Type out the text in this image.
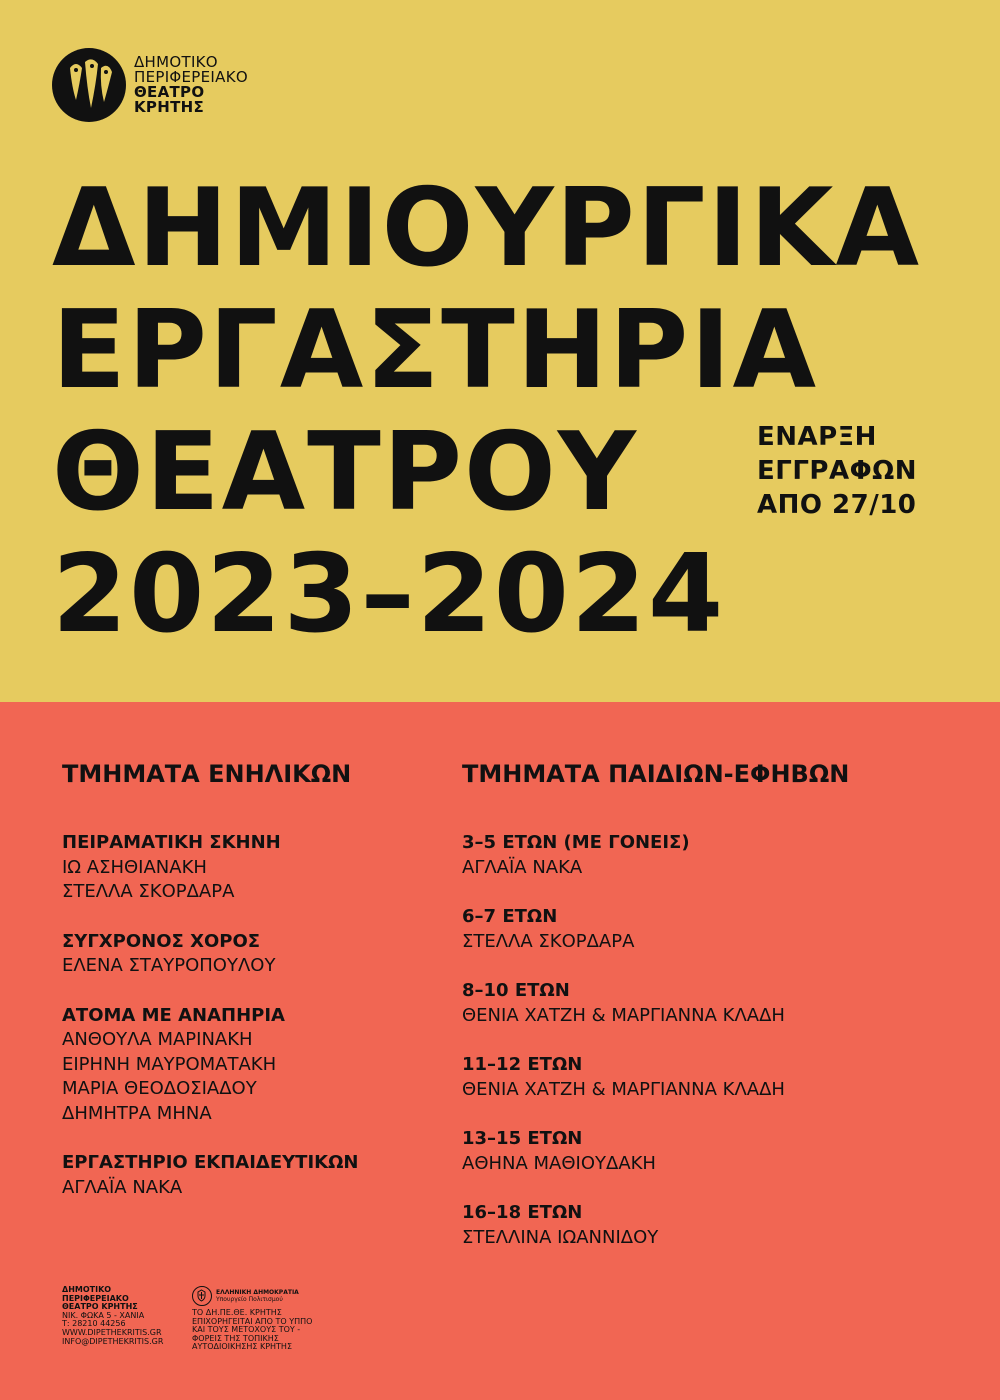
ΔΗΜΟΤΙΚΟ
ΠΕΡΙΦΕΡΕΙΑΚΟ
ΘΕΑΤΡΟ
ΚΡΗΤΗΣ
ΔΗΜΙΟΥΡΓΙΚΑ
ΕΡΓΑΣΤΗΡΙΑ
ΘΕΑΤΡΟΥ
2023–2024
ΕΝΑΡΞΗ
ΕΓΓΡΑΦΩΝ
ΑΠΟ 27/10
ΤΜΗΜΑΤΑ ΕΝΗΛΙΚΩΝ
ΠΕΙΡΑΜΑΤΙΚΗ ΣΚΗΝΗ
ΙΩ ΑΣΗΘΙΑΝΑΚΗ
ΣΤΕΛΛΑ ΣΚΟΡΔΑΡΑ
ΣΥΓΧΡΟΝΟΣ ΧΟΡΟΣ
ΕΛΕΝΑ ΣΤΑΥΡΟΠΟΥΛΟΥ
ΑΤΟΜΑ ΜΕ ΑΝΑΠΗΡΙΑ
ΑΝΘΟΥΛΑ ΜΑΡΙΝΑΚΗ
ΕΙΡΗΝΗ ΜΑΥΡΟΜΑΤΑΚΗ
ΜΑΡΙΑ ΘΕΟΔΟΣΙΑΔΟΥ
ΔΗΜΗΤΡΑ ΜΗΝΑ
ΕΡΓΑΣΤΗΡΙΟ ΕΚΠΑΙΔΕΥΤΙΚΩΝ
ΑΓΛΑΪΑ ΝΑΚΑ
ΤΜΗΜΑΤΑ ΠΑΙΔΙΩΝ-ΕΦΗΒΩΝ
3–5 ΕΤΩΝ (ΜΕ ΓΟΝΕΙΣ)
ΑΓΛΑΪΑ ΝΑΚΑ
6–7 ΕΤΩΝ
ΣΤΕΛΛΑ ΣΚΟΡΔΑΡΑ
8–10 ΕΤΩΝ
ΘΕΝΙΑ ΧΑΤΖΗ & ΜΑΡΓΙΑΝΝΑ ΚΛΑΔΗ
11–12 ΕΤΩΝ
ΘΕΝΙΑ ΧΑΤΖΗ & ΜΑΡΓΙΑΝΝΑ ΚΛΑΔΗ
13–15 ΕΤΩΝ
ΑΘΗΝΑ ΜΑΘΙΟΥΔΑΚΗ
16–18 ΕΤΩΝ
ΣΤΕΛΛΙΝΑ ΙΩΑΝΝΙΔΟΥ
ΔΗΜΟΤΙΚΟ
ΠΕΡΙΦΕΡΕΙΑΚΟ
ΘΕΑΤΡΟ ΚΡΗΤΗΣ
ΝΙΚ. ΦΩΚΑ 5 - ΧΑΝΙΑ
Τ: 28210 44256
WWW.DIPETHEKRITIS.GR
INFO@DIPETHEKRITIS.GR
ΕΛΛΗΝΙΚΗ ΔΗΜΟΚΡΑΤΙΑ
Υπουργείο Πολιτισμού
ΤΟ ΔΗ.ΠΕ.ΘΕ. ΚΡΗΤΗΣ
ΕΠΙΧΟΡΗΓΕΙΤΑΙ ΑΠΟ ΤΟ ΥΠΠΟ
ΚΑΙ ΤΟΥΣ ΜΕΤΟΧΟΥΣ ΤΟΥ -
ΦΟΡΕΙΣ ΤΗΣ ΤΟΠΙΚΗΣ
ΑΥΤΟΔΙΟΙΚΗΣΗΣ ΚΡΗΤΗΣ
